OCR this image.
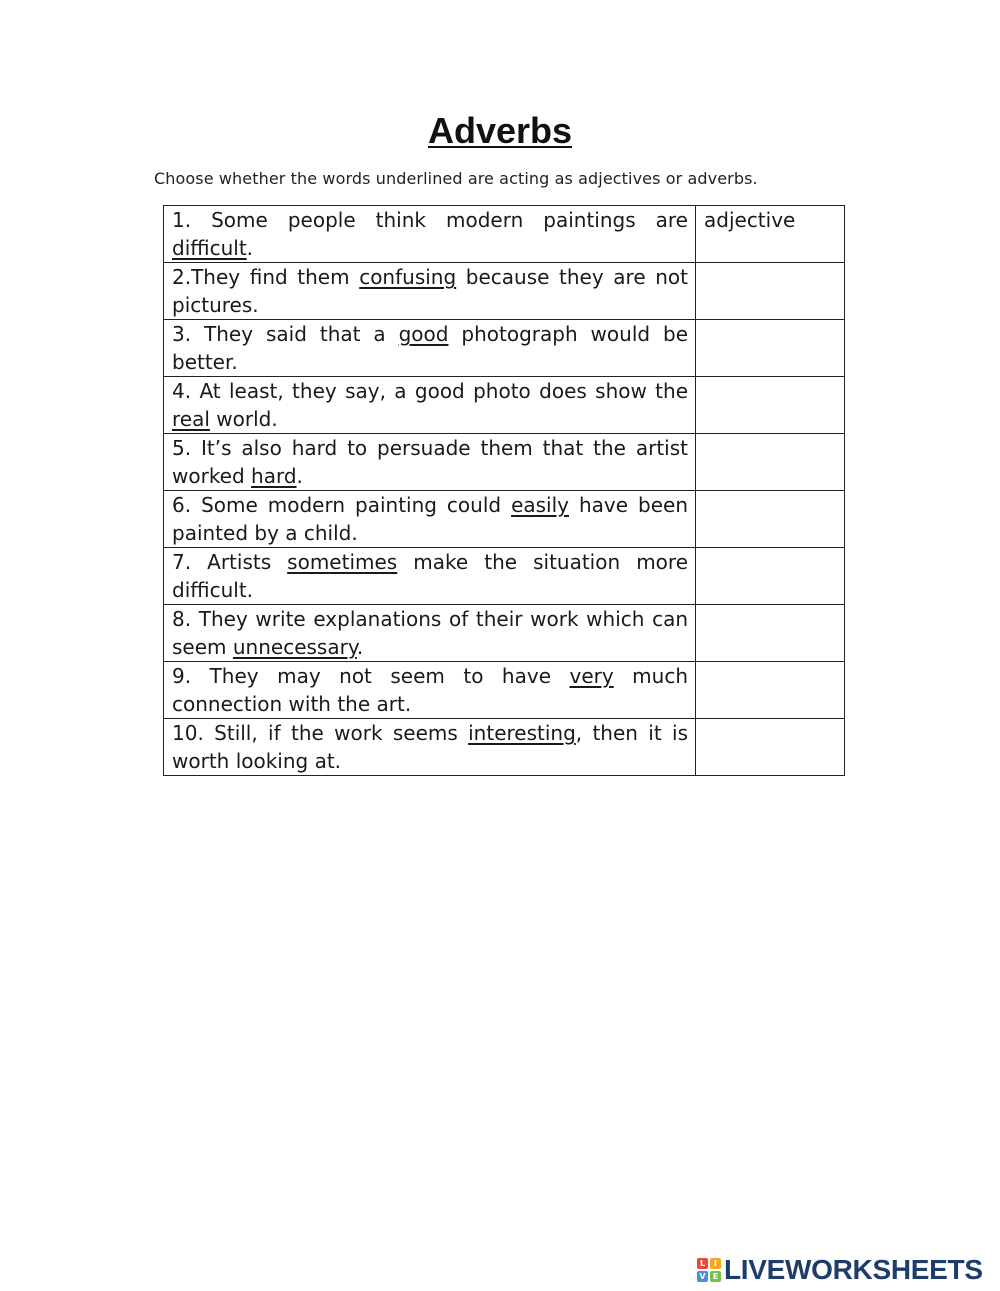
Adverbs
Choose whether the words underlined are acting as adjectives or adverbs.
1. Some people think modern paintings are difficult.	adjective
2.They find them confusing because they are not pictures.	
3. They said that a good photograph would be better.	
4. At least, they say, a good photo does show the real world.	
5. It’s also hard to persuade them that the artist worked hard.	
6. Some modern painting could easily have been painted by a child.	
7. Artists sometimes make the situation more difficult.	
8. They write explanations of their work which can seem unnecessary.	
9. They may not seem to have very much connection with the art.	
10. Still, if the work seems interesting, then it is worth looking at.	
L	I
V E LIVEWORKSHEETS
